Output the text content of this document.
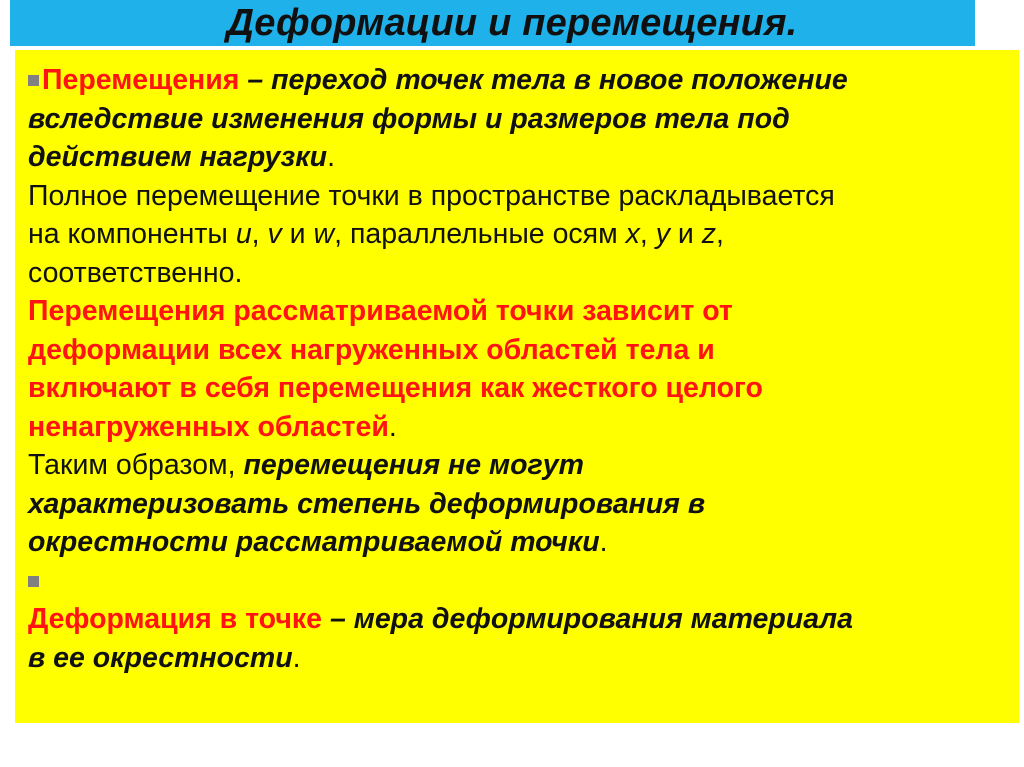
Деформации и перемещения.
Перемещения – переход точек тела в новое положение
вследствие изменения формы и размеров тела под
действием нагрузки.
Полное перемещение точки в пространстве раскладывается
на компоненты u, v и w, параллельные осям x, y и z,
соответственно.
Перемещения рассматриваемой точки зависит от
деформации всех нагруженных областей тела и
включают в себя перемещения как жесткого целого
ненагруженных областей.
Таким образом, перемещения не могут
характеризовать степень деформирования в
окрестности рассматриваемой точки.
Деформация в точке – мера деформирования материала
в ее окрестности.
